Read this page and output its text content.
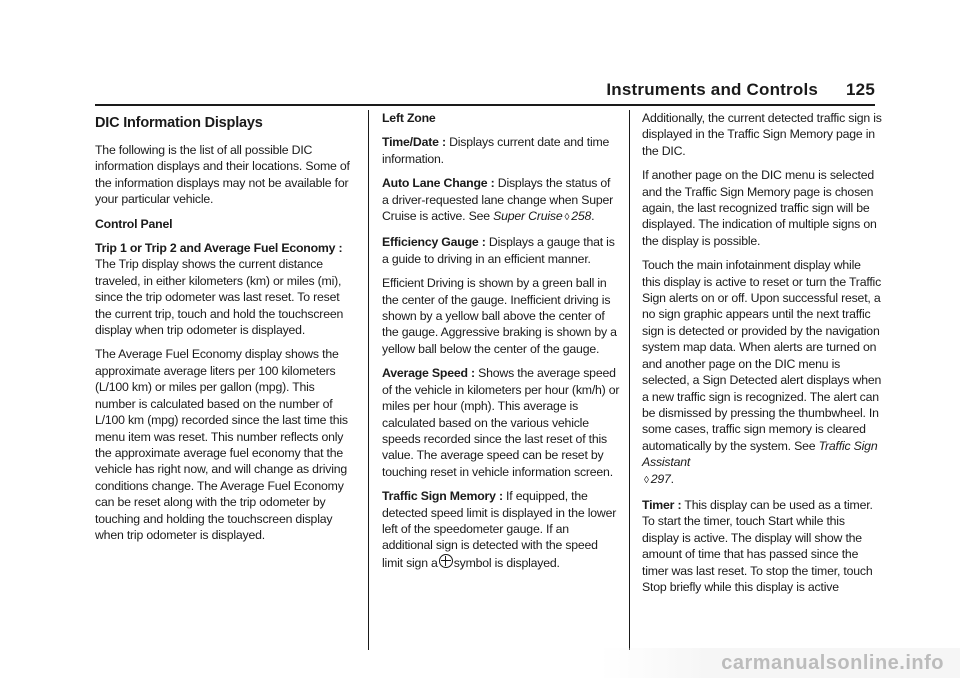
Instruments and Controls 125
DIC Information Displays

The following is the list of all possible DIC information displays and their locations. Some of the information displays may not be available for your particular vehicle.

Control Panel

Trip 1 or Trip 2 and Average Fuel Economy : The Trip display shows the current distance traveled, in either kilometers (km) or miles (mi), since the trip odometer was last reset. To reset the current trip, touch and hold the touchscreen display when trip odometer is displayed.

The Average Fuel Economy display shows the approximate average liters per 100 kilometers (L/100 km) or miles per gallon (mpg). This number is calculated based on the number of L/100 km (mpg) recorded since the last time this menu item was reset. This number reflects only the approximate average fuel economy that the vehicle has right now, and will change as driving conditions change. The Average Fuel Economy can be reset along with the trip odometer by touching and holding the touchscreen display when trip odometer is displayed.

Left Zone

Time/Date : Displays current date and time information.

Auto Lane Change : Displays the status of a driver-requested lane change when Super Cruise is active. See Super Cruise ◊ 258.

Efficiency Gauge : Displays a gauge that is a guide to driving in an efficient manner.

Efficient Driving is shown by a green ball in the center of the gauge. Inefficient driving is shown by a yellow ball above the center of the gauge. Aggressive braking is shown by a yellow ball below the center of the gauge.

Average Speed : Shows the average speed of the vehicle in kilometers per hour (km/h) or miles per hour (mph). This average is calculated based on the various vehicle speeds recorded since the last reset of this value. The average speed can be reset by touching reset in vehicle information screen.

Traffic Sign Memory : If equipped, the detected speed limit is displayed in the lower left of the speedometer gauge. If an additional sign is detected with the speed limit sign a symbol is displayed.

Additionally, the current detected traffic sign is displayed in the Traffic Sign Memory page in the DIC.

If another page on the DIC menu is selected and the Traffic Sign Memory page is chosen again, the last recognized traffic sign will be displayed. The indication of multiple signs on the display is possible.

Touch the main infotainment display while this display is active to reset or turn the Traffic Sign alerts on or off. Upon successful reset, a no sign graphic appears until the next traffic sign is detected or provided by the navigation system map data. When alerts are turned on and another page on the DIC menu is selected, a Sign Detected alert displays when a new traffic sign is recognized. The alert can be dismissed by pressing the thumbwheel. In some cases, traffic sign memory is cleared automatically by the system. See Traffic Sign Assistant
◊ 297.

Timer : This display can be used as a timer. To start the timer, touch Start while this display is active. The display will show the amount of time that has passed since the timer was last reset. To stop the timer, touch Stop briefly while this display is active

carmanualsonline.info
